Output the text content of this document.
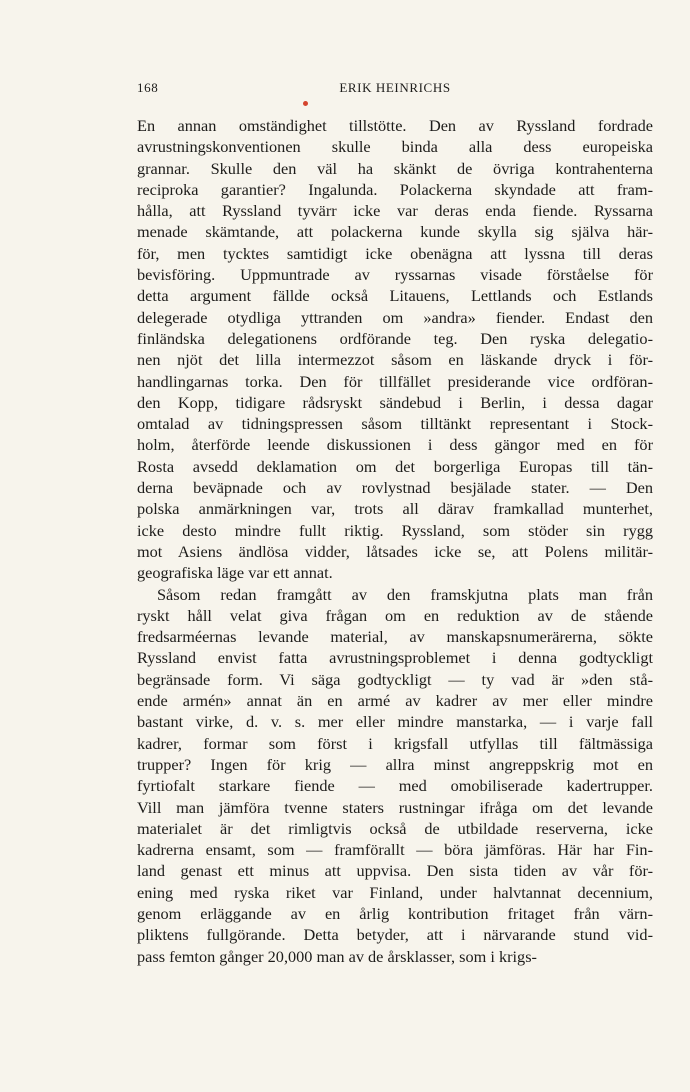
168	ERIK HEINRICHS

En annan omständighet tillstötte. Den av Ryssland fordrade
avrustningskonventionen skulle binda alla dess europeiska
grannar. Skulle den väl ha skänkt de övriga kontrahenterna
reciproka garantier? Ingalunda. Polackerna skyndade att fram-
hålla, att Ryssland tyvärr icke var deras enda fiende. Ryssarna
menade skämtande, att polackerna kunde skylla sig själva här-
för, men tycktes samtidigt icke obenägna att lyssna till deras
bevisföring. Uppmuntrade av ryssarnas visade förståelse för
detta argument fällde också Litauens, Lettlands och Estlands
delegerade otydliga yttranden om »andra» fiender. Endast den
finländska delegationens ordförande teg. Den ryska delegatio-
nen njöt det lilla intermezzot såsom en läskande dryck i för-
handlingarnas torka. Den för tillfället presiderande vice ordföran-
den Kopp, tidigare rådsryskt sändebud i Berlin, i dessa dagar
omtalad av tidningspressen såsom tilltänkt representant i Stock-
holm, återförde leende diskussionen i dess gängor med en för
Rosta avsedd deklamation om det borgerliga Europas till tän-
derna beväpnade och av rovlystnad besjälade stater. — Den
polska anmärkningen var, trots all därav framkallad munterhet,
icke desto mindre fullt riktig. Ryssland, som stöder sin rygg
mot Asiens ändlösa vidder, låtsades icke se, att Polens militär-
geografiska läge var ett annat.

Såsom redan framgått av den framskjutna plats man från
ryskt håll velat giva frågan om en reduktion av de stående
fredsarméernas levande material, av manskapsnumerärerna, sökte
Ryssland envist fatta avrustningsproblemet i denna godtyckligt
begränsade form. Vi säga godtyckligt — ty vad är »den stå-
ende armén» annat än en armé av kadrer av mer eller mindre
bastant virke, d. v. s. mer eller mindre manstarka, — i varje fall
kadrer, formar som först i krigsfall utfyllas till fältmässiga
trupper? Ingen för krig — allra minst angreppskrig mot en
fyrtiofalt starkare fiende — med omobiliserade kadertrupper.
Vill man jämföra tvenne staters rustningar ifråga om det levande
materialet är det rimligtvis också de utbildade reserverna, icke
kadrerna ensamt, som — framförallt — böra jämföras. Här har Fin-
land genast ett minus att uppvisa. Den sista tiden av vår för-
ening med ryska riket var Finland, under halvtannat decennium,
genom erläggande av en årlig kontribution fritaget från värn-
pliktens fullgörande. Detta betyder, att i närvarande stund vid-
pass femton gånger 20,000 man av de årsklasser, som i krigs-
